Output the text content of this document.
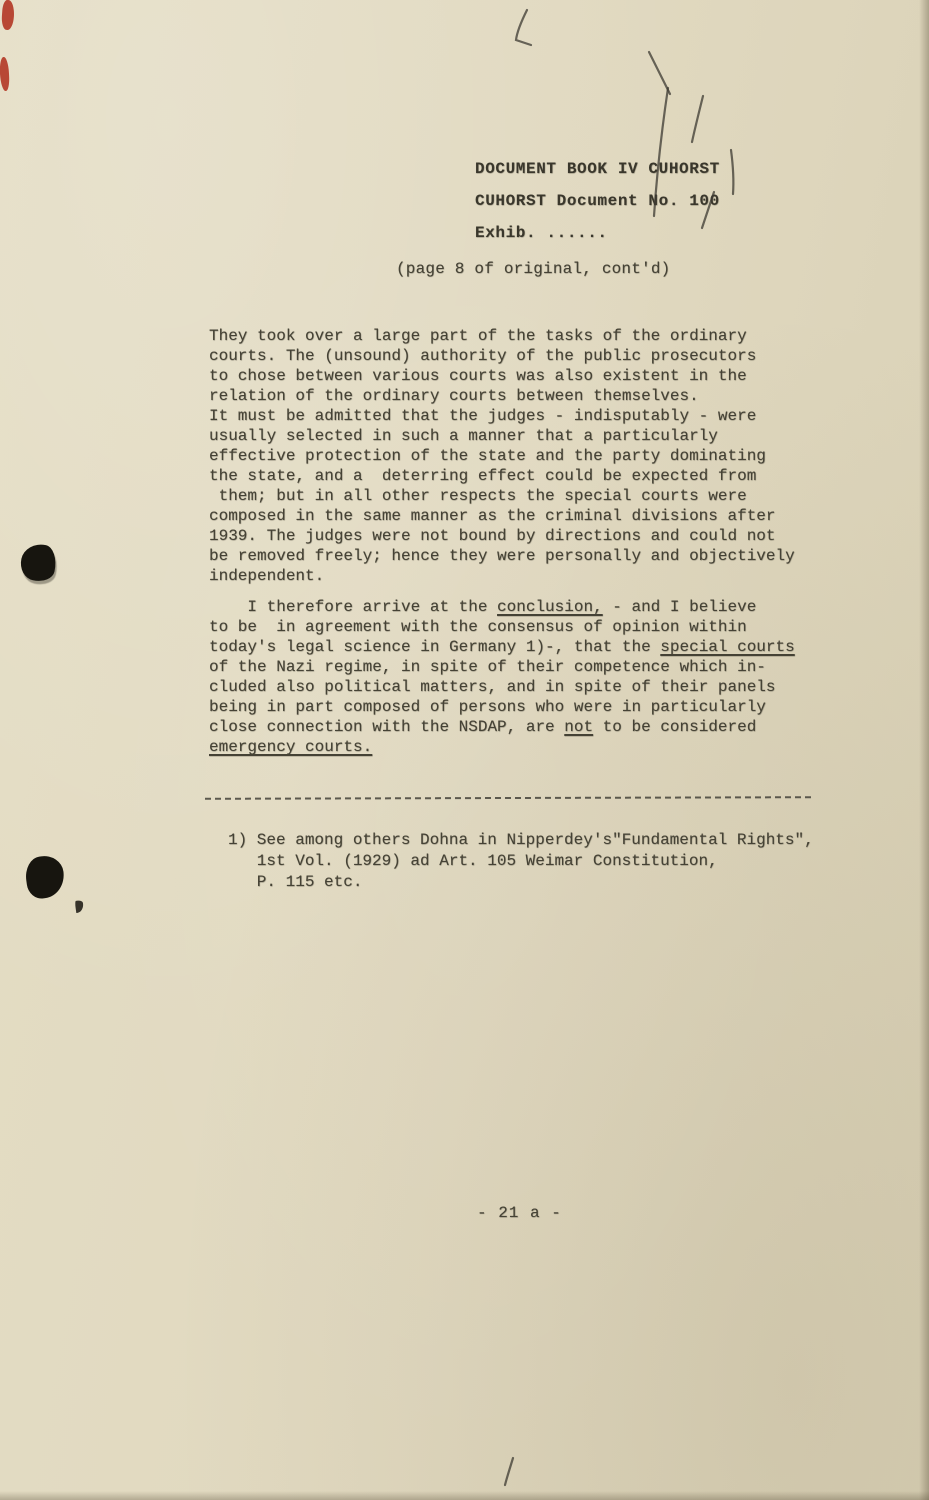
DOCUMENT BOOK IV CUHORST
CUHORST Document No. 100
Exhib. ......
(page 8 of original, cont'd)
They took over a large part of the tasks of the ordinary
courts. The (unsound) authority of the public prosecutors
to chose between various courts was also existent in the
relation of the ordinary courts between themselves.
It must be admitted that the judges - indisputably - were
usually selected in such a manner that a particularly
effective protection of the state and the party dominating
the state, and a  deterring effect could be expected from
them; but in all other respects the special courts were
composed in the same manner as the criminal divisions after
1939. The judges were not bound by directions and could not
be removed freely; hence they were personally and objectively
independent.
I therefore arrive at the conclusion, - and I believe
to be  in agreement with the consensus of opinion within
today's legal science in Germany 1)-, that the special courts
of the Nazi regime, in spite of their competence which in-
cluded also political matters, and in spite of their panels
being in part composed of persons who were in particularly
close connection with the NSDAP, are not to be considered
emergency courts.
1) See among others Dohna in Nipperdey's"Fundamental Rights",
1st Vol. (1929) ad Art. 105 Weimar Constitution,
P. 115 etc.
- 21 a -
